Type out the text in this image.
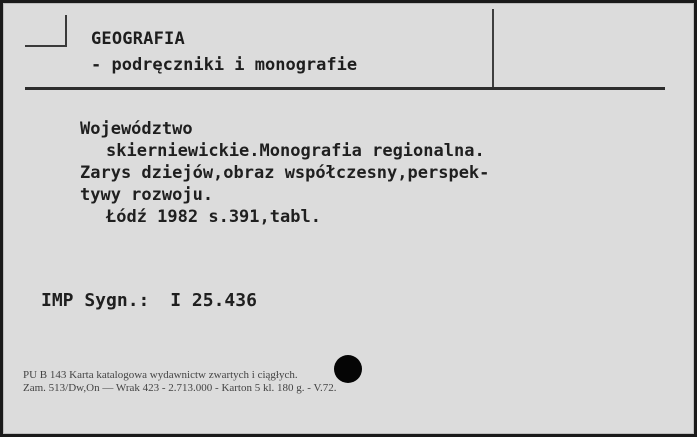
GEOGRAFIA
- podręczniki i monografie
Województwo
skierniewickie.Monografia regionalna.
Zarys dziejów,obraz współczesny,perspek-
tywy rozwoju.
Łódź 1982 s.391,tabl.
IMP Sygn.: I 25.436
PU B 143 Karta katalogowa wydawnictw zwartych i ciągłych.
Zam. 513/Dw,On — Wrak 423 - 2.713.000 - Karton 5 kl. 180 g. - V.72.
